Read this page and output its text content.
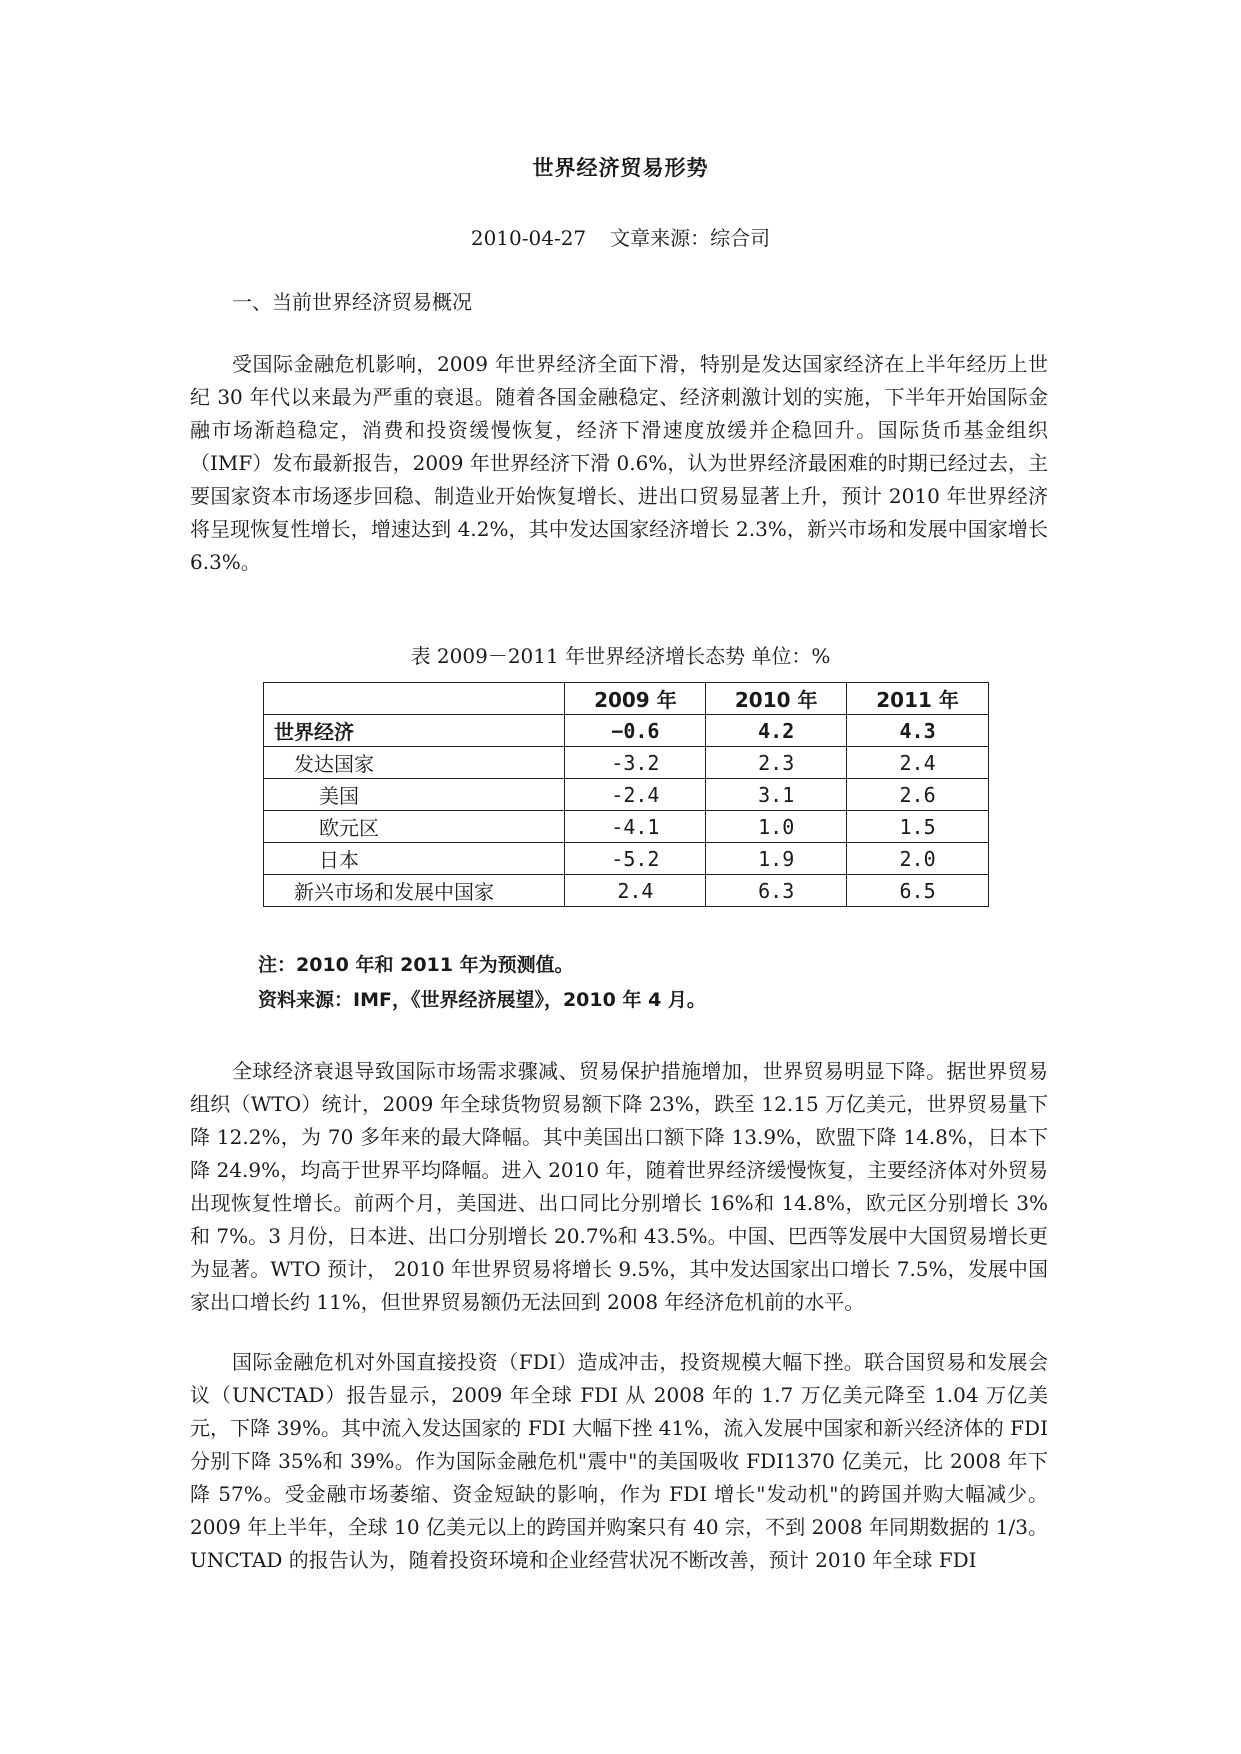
世界经济贸易形势
2010-04-27 文章来源：综合司
一、当前世界经济贸易概况

受国际金融危机影响，2009 年世界经济全面下滑，特别是发达国家经济在上半年经历上世纪 30 年代以来最为严重的衰退。随着各国金融稳定、经济刺激计划的实施，下半年开始国际金融市场渐趋稳定，消费和投资缓慢恢复，经济下滑速度放缓并企稳回升。国际货币基金组织（IMF）发布最新报告，2009 年世界经济下滑 0.6%，认为世界经济最困难的时期已经过去，主要国家资本市场逐步回稳、制造业开始恢复增长、进出口贸易显著上升，预计 2010 年世界经济将呈现恢复性增长，增速达到 4.2%，其中发达国家经济增长 2.3%，新兴市场和发展中国家增长 6.3%。

表 2009－2011 年世界经济增长态势 单位：%
	2009 年	2010 年	2011 年
世界经济	−0.6	4.2	4.3
发达国家	-3.2	2.3	2.4
美国	-2.4	3.1	2.6
欧元区	-4.1	1.0	1.5
日本	-5.2	1.9	2.0
新兴市场和发展中国家	2.4	6.3	6.5
注：2010 年和 2011 年为预测值。
资料来源：IMF，《世界经济展望》，2010 年 4 月。

全球经济衰退导致国际市场需求骤减、贸易保护措施增加，世界贸易明显下降。据世界贸易组织（WTO）统计，2009 年全球货物贸易额下降 23%，跌至 12.15 万亿美元，世界贸易量下降 12.2%，为 70 多年来的最大降幅。其中美国出口额下降 13.9%，欧盟下降 14.8%，日本下降 24.9%，均高于世界平均降幅。进入 2010 年，随着世界经济缓慢恢复，主要经济体对外贸易出现恢复性增长。前两个月，美国进、出口同比分别增长 16%和 14.8%，欧元区分别增长 3%和 7%。3 月份，日本进、出口分别增长 20.7%和 43.5%。中国、巴西等发展中大国贸易增长更为显著。WTO 预计， 2010 年世界贸易将增长 9.5%，其中发达国家出口增长 7.5%，发展中国家出口增长约 11%，但世界贸易额仍无法回到 2008 年经济危机前的水平。

国际金融危机对外国直接投资（FDI）造成冲击，投资规模大幅下挫。联合国贸易和发展会议（UNCTAD）报告显示，2009 年全球 FDI 从 2008 年的 1.7 万亿美元降至 1.04 万亿美元，下降 39%。其中流入发达国家的 FDI 大幅下挫 41%，流入发展中国家和新兴经济体的 FDI 分别下降 35%和 39%。作为国际金融危机"震中"的美国吸收 FDI1370 亿美元，比 2008 年下降 57%。受金融市场萎缩、资金短缺的影响，作为 FDI 增长"发动机"的跨国并购大幅减少。2009 年上半年，全球 10 亿美元以上的跨国并购案只有 40 宗，不到 2008 年同期数据的 1/3。UNCTAD 的报告认为，随着投资环境和企业经营状况不断改善，预计 2010 年全球 FDI
